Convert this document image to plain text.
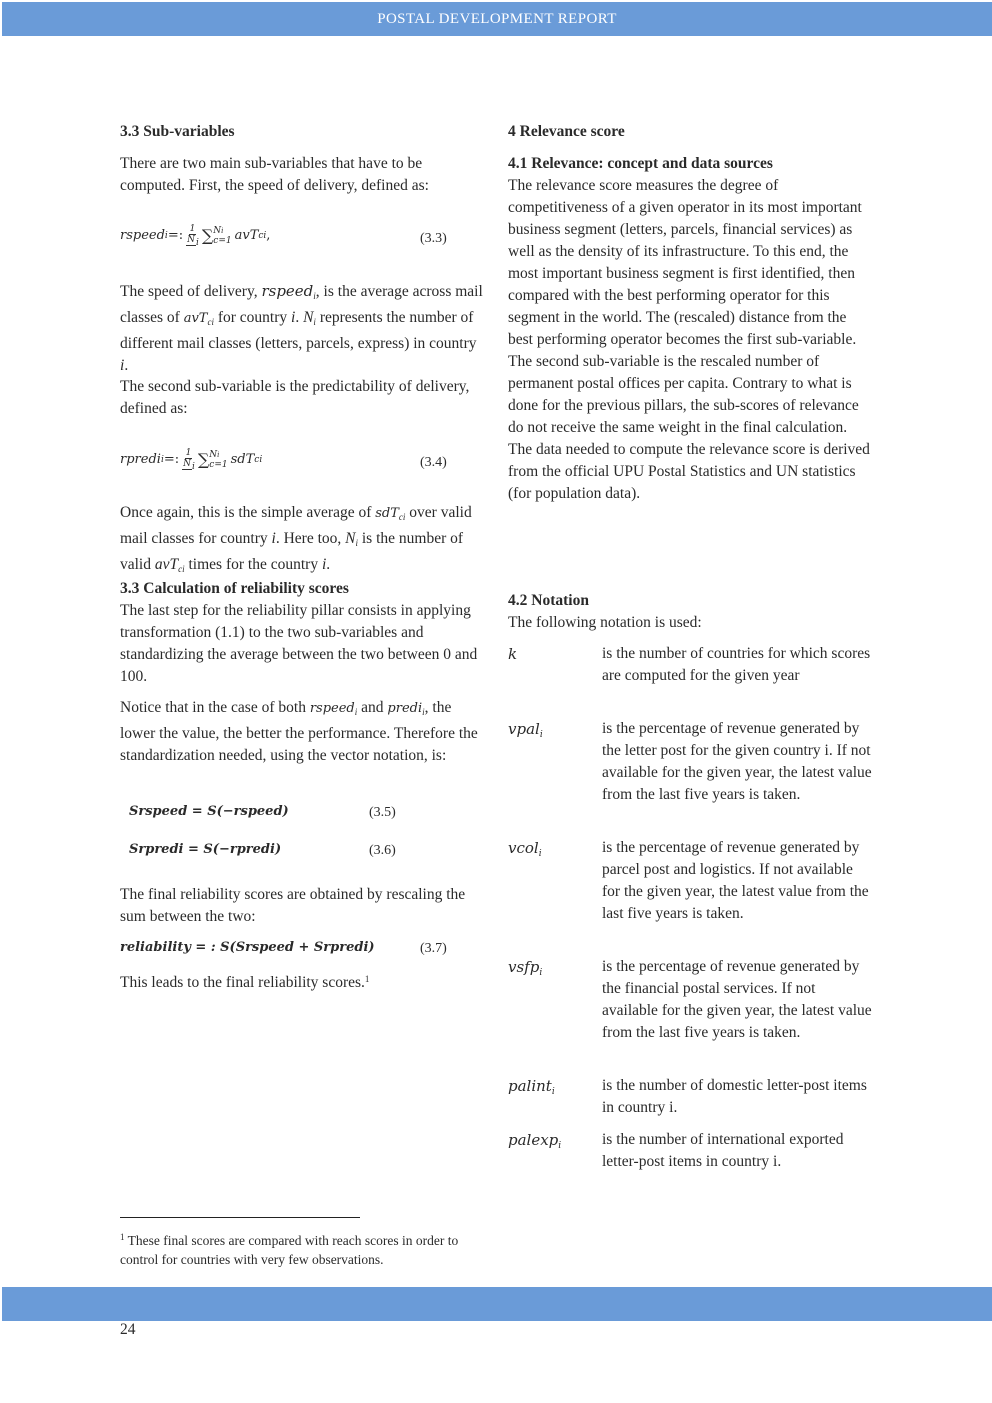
POSTAL DEVELOPMENT REPORT
3.3 Sub-variables
There are two main sub-variables that have to be computed. First, the speed of delivery, defined as:
rspeed i =: $\frac{1}{Ni}$ ∑ Ni
c=1 avT ci ,	(3.3)
The speed of delivery, rspeed$_i$, is the average across mail classes of avT$_{ci}$ for country i. $N_i$ represents the number of different mail classes (letters, parcels, express) in country i.
The second sub-variable is the predictability of delivery, defined as:
rpredi i =: $\frac{1}{Ni}$ ∑ Ni
c=1 sdT ci	(3.4)
Once again, this is the simple average of sdT$_{ci}$ over valid mail classes for country i. Here too, $N_i$ is the number of valid avT$_{ci}$ times for the country i.
3.3 Calculation of reliability scores
The last step for the reliability pillar consists in applying transformation (1.1) to the two sub-variables and standardizing the average between the two between 0 and 100.
Notice that in the case of both rspeed$_i$ and predi$_i$, the lower the value, the better the performance. Therefore the standardization needed, using the vector notation, is:
Srspeed = S(−rspeed)	(3.5)
Srpredi = S(−rpredi)	(3.6)
The final reliability scores are obtained by rescaling the sum between the two:
reliability = : S(Srspeed + Srpredi)	(3.7)
This leads to the final reliability scores.$^1$
4 Relevance score
4.1 Relevance: concept and data sources
The relevance score measures the degree of competitiveness of a given operator in its most important business segment (letters, parcels, financial services) as well as the density of its infrastructure. To this end, the most important business segment is first identified, then compared with the best performing operator for this segment in the world. The (rescaled) distance from the best performing operator becomes the first sub-variable. The second sub-variable is the rescaled number of permanent postal offices per capita. Contrary to what is done for the previous pillars, the sub-scores of relevance do not receive the same weight in the final calculation. The data needed to compute the relevance score is derived from the official UPU Postal Statistics and UN statistics (for population data).
4.2 Notation
The following notation is used:
k	is the number of countries for which scores are computed for the given year
vpal$_i$	is the percentage of revenue generated by the letter post for the given country i. If not available for the given year, the latest value from the last five years is taken.
vcol$_i$	is the percentage of revenue generated by parcel post and logistics. If not available for the given year, the latest value from the last five years is taken.
vsfp$_i$	is the percentage of revenue generated by the financial postal services. If not available for the given year, the latest value from the last five years is taken.
palint$_i$	is the number of domestic letter-post items in country i.
palexp$_i$	is the number of international exported letter-post items in country i.
$^1$ These final scores are compared with reach scores in order to control for countries with very few observations.
24
